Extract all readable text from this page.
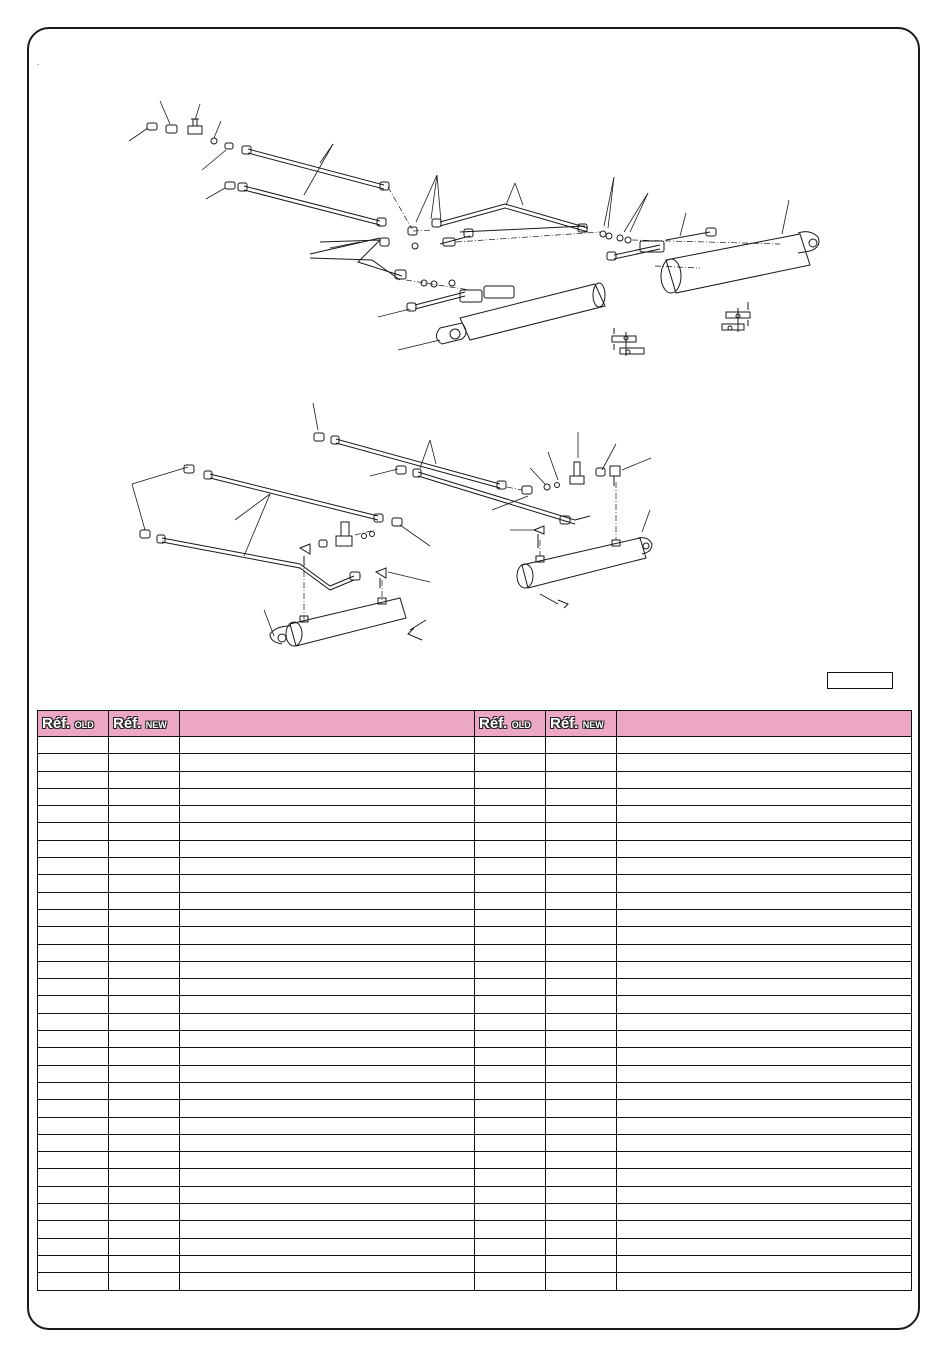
.
Réf. OLD	Réf. NEW		Réf. OLD	Réf. NEW	
